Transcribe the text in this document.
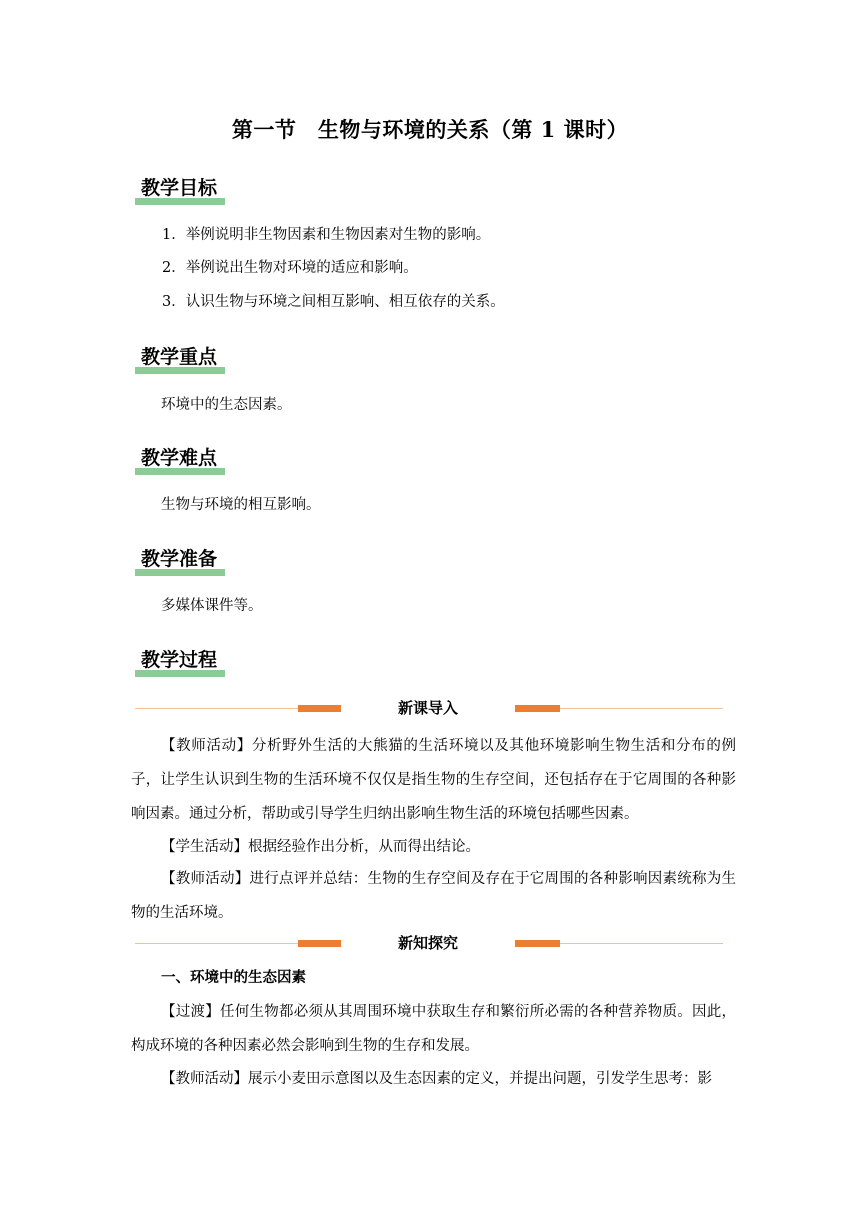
第一节　生物与环境的关系（第 1 课时）
教学目标
1．举例说明非生物因素和生物因素对生物的影响。
2．举例说出生物对环境的适应和影响。
3．认识生物与环境之间相互影响、相互依存的关系。
教学重点
环境中的生态因素。
教学难点
生物与环境的相互影响。
教学准备
多媒体课件等。
教学过程
新课导入

【教师活动】分析野外生活的大熊猫的生活环境以及其他环境影响生物生活和分布的例子，让学生认识到生物的生活环境不仅仅是指生物的生存空间，还包括存在于它周围的各种影响因素。通过分析，帮助或引导学生归纳出影响生物生活的环境包括哪些因素。

【学生活动】根据经验作出分析，从而得出结论。

【教师活动】进行点评并总结：生物的生存空间及存在于它周围的各种影响因素统称为生物的生活环境。

新知探究
一、环境中的生态因素

【过渡】任何生物都必须从其周围环境中获取生存和繁衍所必需的各种营养物质。因此，构成环境的各种因素必然会影响到生物的生存和发展。

【教师活动】展示小麦田示意图以及生态因素的定义，并提出问题，引发学生思考：影
